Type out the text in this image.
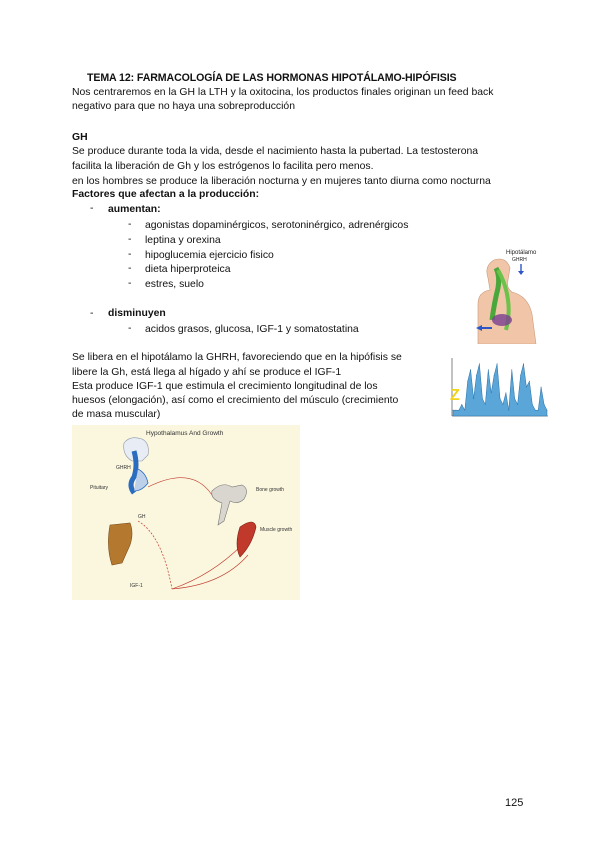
TEMA 12: FARMACOLOGÍA DE LAS HORMONAS HIPOTÁLAMO-HIPÓFISIS
Nos centraremos en la GH la LTH y la oxitocina, los productos finales originan un feed back
negativo para que no haya una sobreproducción
GH
Se produce durante toda la vida, desde el nacimiento hasta la pubertad. La testosterona
facilita la liberación de Gh y los estrógenos lo facilita pero menos.
en los hombres se produce la liberación nocturna y en mujeres tanto diurna como nocturna
Factores que afectan a la producción:
- aumentan:
- agonistas dopaminérgicos, serotoninérgico, adrenérgicos
- leptina y orexina
- hipoglucemia ejercicio fisico
- dieta hiperproteica
- estres, suelo
- disminuyen
- acidos grasos, glucosa, IGF-1 y somatostatina
Se libera en el hipotálamo la GHRH, favoreciendo que en la hipófisis se
libere la Gh, está llega al hígado y ahí se produce el IGF-1
Esta produce IGF-1 que estimula el crecimiento longitudinal de los
huesos (elongación), así como el crecimiento del músculo (crecimiento
de masa muscular)
Hipotálamo
GHRH
Z
Hypothalamus And Growth
GHRH
Pituitary
GH
IGF-1
Bone growth
Muscle growth
125
